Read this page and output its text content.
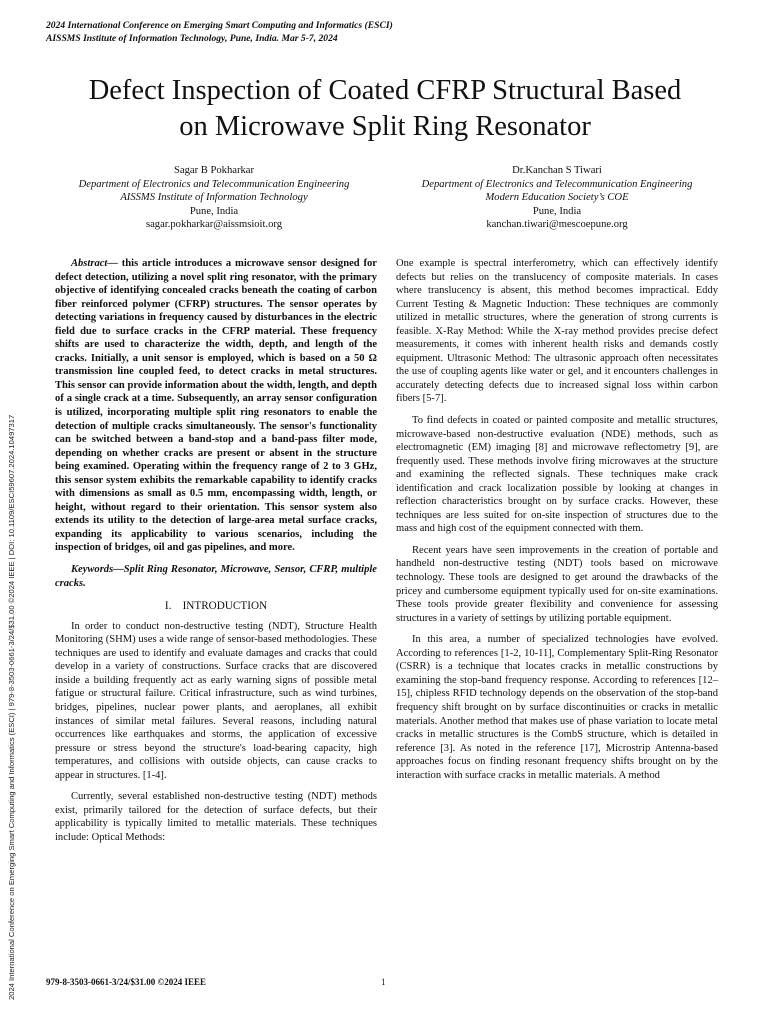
2024 International Conference on Emerging Smart Computing and Informatics (ESCI)
AISSMS Institute of Information Technology, Pune, India. Mar 5-7, 2024
2024 International Conference on Emerging Smart Computing and Informatics (ESCI) | 979-8-3503-0661-3/24/$31.00 ©2024 IEEE | DOI: 10.1109/ESCI59607.2024.10497317
Defect Inspection of Coated CFRP Structural Based
on Microwave Split Ring Resonator
Sagar B Pokharkar
Department of Electronics and Telecommunication Engineering
AISSMS Institute of Information Technology
Pune, India
sagar.pokharkar@aissmsioit.org
Dr.Kanchan S Tiwari
Department of Electronics and Telecommunication Engineering
Modern Education Society’s COE
Pune, India
kanchan.tiwari@mescoepune.org

Abstract— this article introduces a microwave sensor designed for defect detection, utilizing a novel split ring resonator, with the primary objective of identifying concealed cracks beneath the coating of carbon fiber reinforced polymer (CFRP) structures. The sensor operates by detecting variations in frequency caused by disturbances in the electric field due to surface cracks in the CFRP material. These frequency shifts are used to characterize the width, depth, and length of the cracks. Initially, a unit sensor is employed, which is based on a 50 Ω transmission line coupled feed, to detect cracks in metal structures. This sensor can provide information about the width, length, and depth of a single crack at a time. Subsequently, an array sensor configuration is utilized, incorporating multiple split ring resonators to enable the detection of multiple cracks simultaneously. The sensor's functionality can be switched between a band-stop and a band-pass filter mode, depending on whether cracks are present or absent in the structure being examined. Operating within the frequency range of 2 to 3 GHz, this sensor system exhibits the remarkable capability to identify cracks with dimensions as small as 0.5 mm, encompassing width, length, or height, without regard to their orientation. This sensor system also extends its utility to the detection of large-area metal surface cracks, expanding its applicability to various scenarios, including the inspection of bridges, oil and gas pipelines, and more.

Keywords—Split Ring Resonator, Microwave, Sensor, CFRP, multiple cracks.

I. INTRODUCTION

In order to conduct non-destructive testing (NDT), Structure Health Monitoring (SHM) uses a wide range of sensor-based methodologies. These techniques are used to identify and evaluate damages and cracks that could develop in a variety of constructions. Surface cracks that are discovered inside a building frequently act as early warning signs of possible metal fatigue or structural failure. Critical infrastructure, such as wind turbines, bridges, pipelines, nuclear power plants, and aeroplanes, all exhibit instances of similar metal failures. Several reasons, including natural occurrences like earthquakes and storms, the application of excessive pressure or stress beyond the structure's load-bearing capacity, high temperatures, and collisions with outside objects, can cause cracks to appear in structures. [1-4].

Currently, several established non-destructive testing (NDT) methods exist, primarily tailored for the detection of surface defects, but their applicability is typically limited to metallic materials. These techniques include: Optical Methods:

One example is spectral interferometry, which can effectively identify defects but relies on the translucency of composite materials. In cases where translucency is absent, this method becomes impractical. Eddy Current Testing & Magnetic Induction: These techniques are commonly utilized in metallic structures, where the generation of strong currents is feasible. X-Ray Method: While the X-ray method provides precise defect measurements, it comes with inherent health risks and demands costly equipment. Ultrasonic Method: The ultrasonic approach often necessitates the use of coupling agents like water or gel, and it encounters challenges in accurately detecting defects due to increased signal loss within carbon fibers [5-7].

To find defects in coated or painted composite and metallic structures, microwave-based non-destructive evaluation (NDE) methods, such as electromagnetic (EM) imaging [8] and microwave reflectometry [9], are frequently used. These methods involve firing microwaves at the structure and examining the reflected signals. These techniques make crack identification and crack localization possible by looking at changes in reflection characteristics brought on by surface cracks. However, these techniques are less suited for on-site inspection of structures due to the mass and high cost of the equipment connected with them.

Recent years have seen improvements in the creation of portable and handheld non-destructive testing (NDT) tools based on microwave technology. These tools are designed to get around the drawbacks of the pricey and cumbersome equipment typically used for on-site examinations. These tools provide greater flexibility and convenience for assessing structures in a variety of settings by utilizing portable equipment.

In this area, a number of specialized technologies have evolved. According to references [1-2, 10-11], Complementary Split-Ring Resonator (CSRR) is a technique that locates cracks in metallic constructions by examining the stop-band frequency response. According to references [12–15], chipless RFID technology depends on the observation of the stop-band frequency shift brought on by surface discontinuities or cracks in metallic materials. Another method that makes use of phase variation to locate metal cracks in metallic structures is the CombS structure, which is detailed in reference [3]. As noted in the reference [17], Microstrip Antenna-based approaches focus on finding resonant frequency shifts brought on by the interaction with surface cracks in metallic materials. A method

979-8-3503-0661-3/24/$31.00 ©2024 IEEE	1
